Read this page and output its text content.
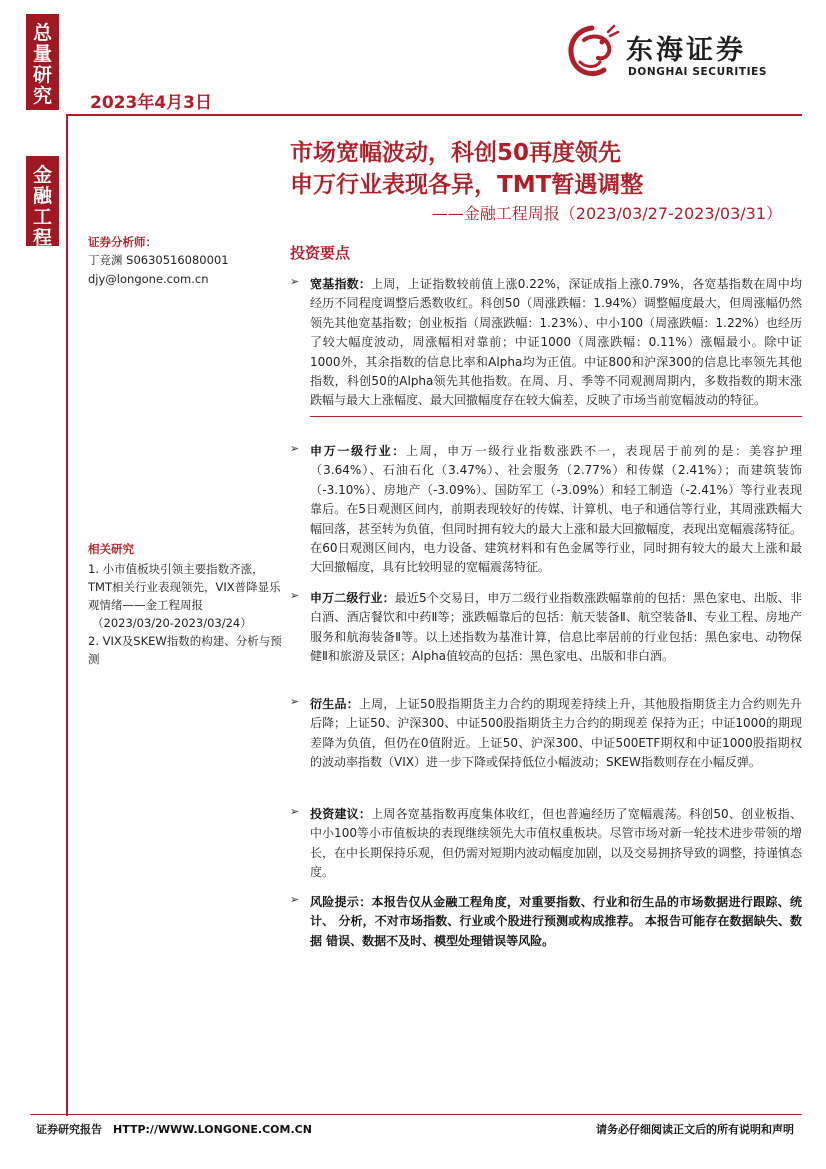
总
量
研
究
金
融
工
程
2023年4月3日
东海证券
DONGHAI SECURITIES
市场宽幅波动，科创50再度领先
申万行业表现各异，TMT暂遇调整
——金融工程周报（2023/03/27-2023/03/31）
证券分析师：
丁竞渊 S0630516080001
djy@longone.com.cn
相关研究
1. 小市值板块引领主要指数齐涨，TMT相关行业表现领先，VIX普降显乐观情绪——金工程周报
（2023/03/20-2023/03/24）
2. VIX及SKEW指数的构建、分析与预测
投资要点
➢ 宽基指数：上周，上证指数较前值上涨0.22%，深证成指上涨0.79%，各宽基指数在周中均经历不同程度调整后悉数收红。科创50（周涨跌幅：1.94%）调整幅度最大，但周涨幅仍然领先其他宽基指数；创业板指（周涨跌幅：1.23%）、中小100（周涨跌幅：1.22%）也经历了较大幅度波动，周涨幅相对靠前；中证1000（周涨跌幅：0.11%）涨幅最小。除中证1000外，其余指数的信息比率和Alpha均为正值。中证800和沪深300的信息比率领先其他指数，科创50的Alpha领先其他指数。在周、月、季等不同观测周期内，多数指数的期末涨跌幅与最大上涨幅度、最大回撤幅度存在较大偏差，反映了市场当前宽幅波动的特征。
➢ 申万一级行业：上周，申万一级行业指数涨跌不一，表现居于前列的是：美容护理（3.64%）、石油石化（3.47%）、社会服务（2.77%）和传媒（2.41%）；而建筑装饰（-3.10%）、房地产（-3.09%）、国防军工（-3.09%）和轻工制造（-2.41%）等行业表现靠后。在5日观测区间内，前期表现较好的传媒、计算机、电子和通信等行业，其周涨跌幅大幅回落，甚至转为负值，但同时拥有较大的最大上涨和最大回撤幅度，表现出宽幅震荡特征。在60日观测区间内，电力设备、建筑材料和有色金属等行业，同时拥有较大的最大上涨和最大回撤幅度，具有比较明显的宽幅震荡特征。
➢ 申万二级行业：最近5个交易日，申万二级行业指数涨跌幅靠前的包括：黑色家电、出版、非白酒、酒店餐饮和中药Ⅱ等；涨跌幅靠后的包括：航天装备Ⅱ、航空装备Ⅱ、专业工程、房地产服务和航海装备Ⅱ等。以上述指数为基准计算，信息比率居前的行业包括：黑色家电、动物保健Ⅱ和旅游及景区；Alpha值较高的包括：黑色家电、出版和非白酒。
➢ 衍生品：上周，上证50股指期货主力合约的期现差持续上升，其他股指期货主力合约则先升后降；上证50、沪深300、中证500股指期货主力合约的期现差 保持为正；中证1000的期现差降为负值，但仍在0值附近。上证50、沪深300、中证500ETF期权和中证1000股指期权的波动率指数（VIX）进一步下降或保持低位小幅波动；SKEW指数则存在小幅反弹。
➢ 投资建议：上周各宽基指数再度集体收红，但也普遍经历了宽幅震荡。科创50、创业板指、中小100等小市值板块的表现继续领先大市值权重板块。尽管市场对新一轮技术进步带领的增长，在中长期保持乐观，但仍需对短期内波动幅度加剧，以及交易拥挤导致的调整，持谨慎态度。
➢ 风险提示：本报告仅从金融工程角度，对重要指数、行业和衍生品的市场数据进行跟踪、统计、 分析，不对市场指数、行业或个股进行预测或构成推荐。 本报告可能存在数据缺失、数据 错误、数据不及时、模型处理错误等风险。
证券研究报告　HTTP://WWW.LONGONE.COM.CN	请务必仔细阅读正文后的所有说明和声明
